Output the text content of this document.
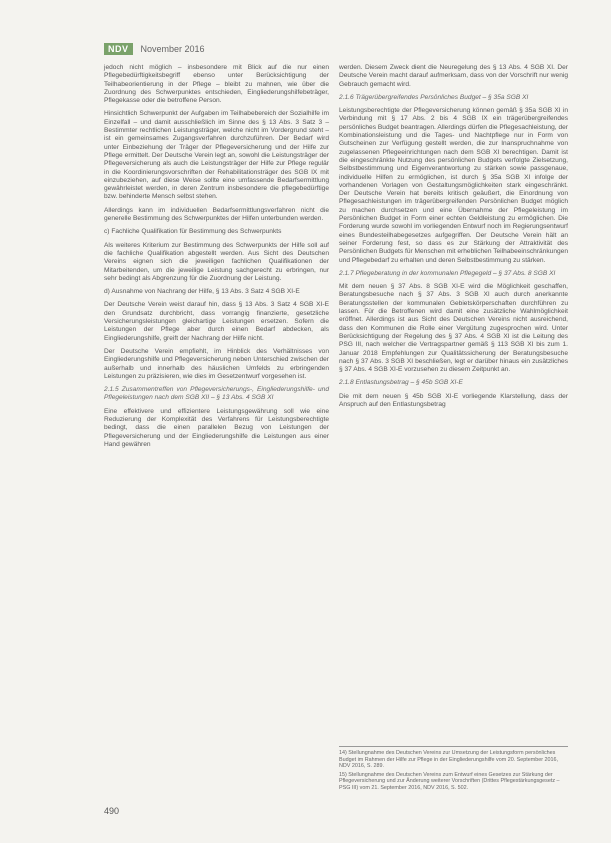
NDV	November 2016

jedoch nicht möglich – insbesondere mit Blick auf die nur einen Pflegebedürftigkeitsbegriff ebenso unter Berücksichtigung der Teilhabeorientierung in der Pflege – bleibt zu mahnen, wie über die Zuordnung des Schwerpunktes entschieden, Eingliederungshilfebeträger, Pflegekasse oder die betroffene Person.

Hinsichtlich Schwerpunkt der Aufgaben im Teilhabebereich der Sozialhilfe im Einzelfall – und damit ausschließlich im Sinne des § 13 Abs. 3 Satz 3 – Bestimmter rechtlichen Leistungsträger, welche nicht im Vordergrund steht – ist ein gemeinsames Zugangsverfahren durchzuführen. Der Bedarf wird unter Einbeziehung der Träger der Pflegeversicherung und der Hilfe zur Pflege ermittelt. Der Deutsche Verein legt an, sowohl die Leistungsträger der Pflegeversicherung als auch die Leistungsträger der Hilfe zur Pflege regulär in die Koordinierungsvorschriften der Rehabilitationsträger des SGB IX mit einzubeziehen, auf diese Weise sollte eine umfassende Bedarfsermittlung gewährleistet werden, in deren Zentrum insbesondere die pflegebedürftige bzw. behinderte Mensch selbst stehen.

Allerdings kann im individuellen Bedarfsermittlungsverfahren nicht die generelle Bestimmung des Schwerpunktes der Hilfen unterbunden werden.

c) Fachliche Qualifikation für Bestimmung des Schwerpunkts

Als weiteres Kriterium zur Bestimmung des Schwerpunkts der Hilfe soll auf die fachliche Qualifikation abgestellt werden. Aus Sicht des Deutschen Vereins eignen sich die jeweiligen fachlichen Qualifikationen der Mitarbeitenden, um die jeweilige Leistung sachgerecht zu erbringen, nur sehr bedingt als Abgrenzung für die Zuordnung der Leistung.

d) Ausnahme von Nachrang der Hilfe, § 13 Abs. 3 Satz 4 SGB XI-E

Der Deutsche Verein weist darauf hin, dass § 13 Abs. 3 Satz 4 SGB XI-E den Grundsatz durchbricht, dass vorrangig finanzierte, gesetzliche Versicherungsleistungen gleichartige Leistungen ersetzen. Sofern die Leistungen der Pflege aber durch einen Bedarf abdecken, als Eingliederungshilfe, greift der Nachrang der Hilfe nicht.

Der Deutsche Verein empfiehlt, im Hinblick des Verhältnisses von Eingliederungshilfe und Pflegeversicherung neben Unterschied zwischen der außerhalb und innerhalb des häuslichen Umfelds zu erbringenden Leistungen zu präzisieren, wie dies im Gesetzentwurf vorgesehen ist.

2.1.5 Zusammentreffen von Pflegeversicherungs-, Eingliederungshilfe- und Pflegeleistungen nach dem SGB XII – § 13 Abs. 4 SGB XI

Eine effektivere und effizientere Leistungsgewährung soll wie eine Reduzierung der Komplexität des Verfahrens für Leistungsberechtigte bedingt, dass die einen parallelen Bezug von Leistungen der Pflegeversicherung und der Eingliederungshilfe die Leistungen aus einer Hand gewähren

werden. Diesem Zweck dient die Neuregelung des § 13 Abs. 4 SGB XI. Der Deutsche Verein macht darauf aufmerksam, dass von der Vorschrift nur wenig Gebrauch gemacht wird.

2.1.6 Trägerübergreifendes Persönliches Budget – § 35a SGB XI

Leistungsberechtigte der Pflegeversicherung können gemäß § 35a SGB XI in Verbindung mit § 17 Abs. 2 bis 4 SGB IX ein trägerübergreifendes persönliches Budget beantragen. Allerdings dürfen die Pflegesachleistung, der Kombinationsleistung und die Tages- und Nachtpflege nur in Form von Gutscheinen zur Verfügung gestellt werden, die zur Inanspruchnahme von zugelassenen Pflegeeinrichtungen nach dem SGB XI berechtigen. Damit ist die eingeschränkte Nutzung des persönlichen Budgets verfolgte Zielsetzung, Selbstbestimmung und Eigenverantwortung zu stärken sowie passgenaue, individuelle Hilfen zu ermöglichen, ist durch § 35a SGB XI infolge der vorhandenen Vorlagen von Gestaltungsmöglichkeiten stark eingeschränkt. Der Deutsche Verein hat bereits kritisch geäußert, die Einordnung von Pflegesachleistungen im trägerübergreifenden Persönlichen Budget möglich zu machen durchsetzen und eine Übernahme der Pflegeleistung im Persönlichen Budget in Form einer echten Geldleistung zu ermöglichen. Die Forderung wurde sowohl im vorliegenden Entwurf noch im Regierungsentwurf eines Bundesteilhabegesetzes aufgegriffen. Der Deutsche Verein hält an seiner Forderung fest, so dass es zur Stärkung der Attraktivität des Persönlichen Budgets für Menschen mit erheblichen Teilhabeeinschränkungen und Pflegebedarf zu erhalten und deren Selbstbestimmung zu stärken.

2.1.7 Pflegeberatung in der kommunalen Pflegegeld – § 37 Abs. 8 SGB XI

Mit dem neuen § 37 Abs. 8 SGB XI-E wird die Möglichkeit geschaffen, Beratungsbesuche nach § 37 Abs. 3 SGB XI auch durch anerkannte Beratungsstellen der kommunalen Gebietskörperschaften durchführen zu lassen. Für die Betroffenen wird damit eine zusätzliche Wahlmöglichkeit eröffnet. Allerdings ist aus Sicht des Deutschen Vereins nicht ausreichend, dass den Kommunen die Rolle einer Vergütung zugesprochen wird. Unter Berücksichtigung der Regelung des § 37 Abs. 4 SGB XI ist die Leitung des PSG III, nach welcher die Vertragspartner gemäß § 113 SGB XI bis zum 1. Januar 2018 Empfehlungen zur Qualitätssicherung der Beratungsbesuche nach § 37 Abs. 3 SGB XI beschließen, legt er darüber hinaus ein zusätzliches § 37 Abs. 4 SGB XI-E vorzusehen zu diesem Zeitpunkt an.

2.1.8 Entlastungsbetrag – § 45b SGB XI-E

Die mit dem neuen § 45b SGB XI-E vorliegende Klarstellung, dass der Anspruch auf den Entlastungsbetrag

14) Stellungnahme des Deutschen Vereins zur Umsetzung der Leistungsform persönliches Budget im Rahmen der Hilfe zur Pflege in der Eingliederungshilfe vom 20. September 2016, NDV 2016, S. 289.

15) Stellungnahme des Deutschen Vereins zum Entwurf eines Gesetzes zur Stärkung der Pflegeversicherung und zur Änderung weiterer Vorschriften (Drittes Pflegestärkungsgesetz – PSG III) vom 21. September 2016, NDV 2016, S. 502.

490
